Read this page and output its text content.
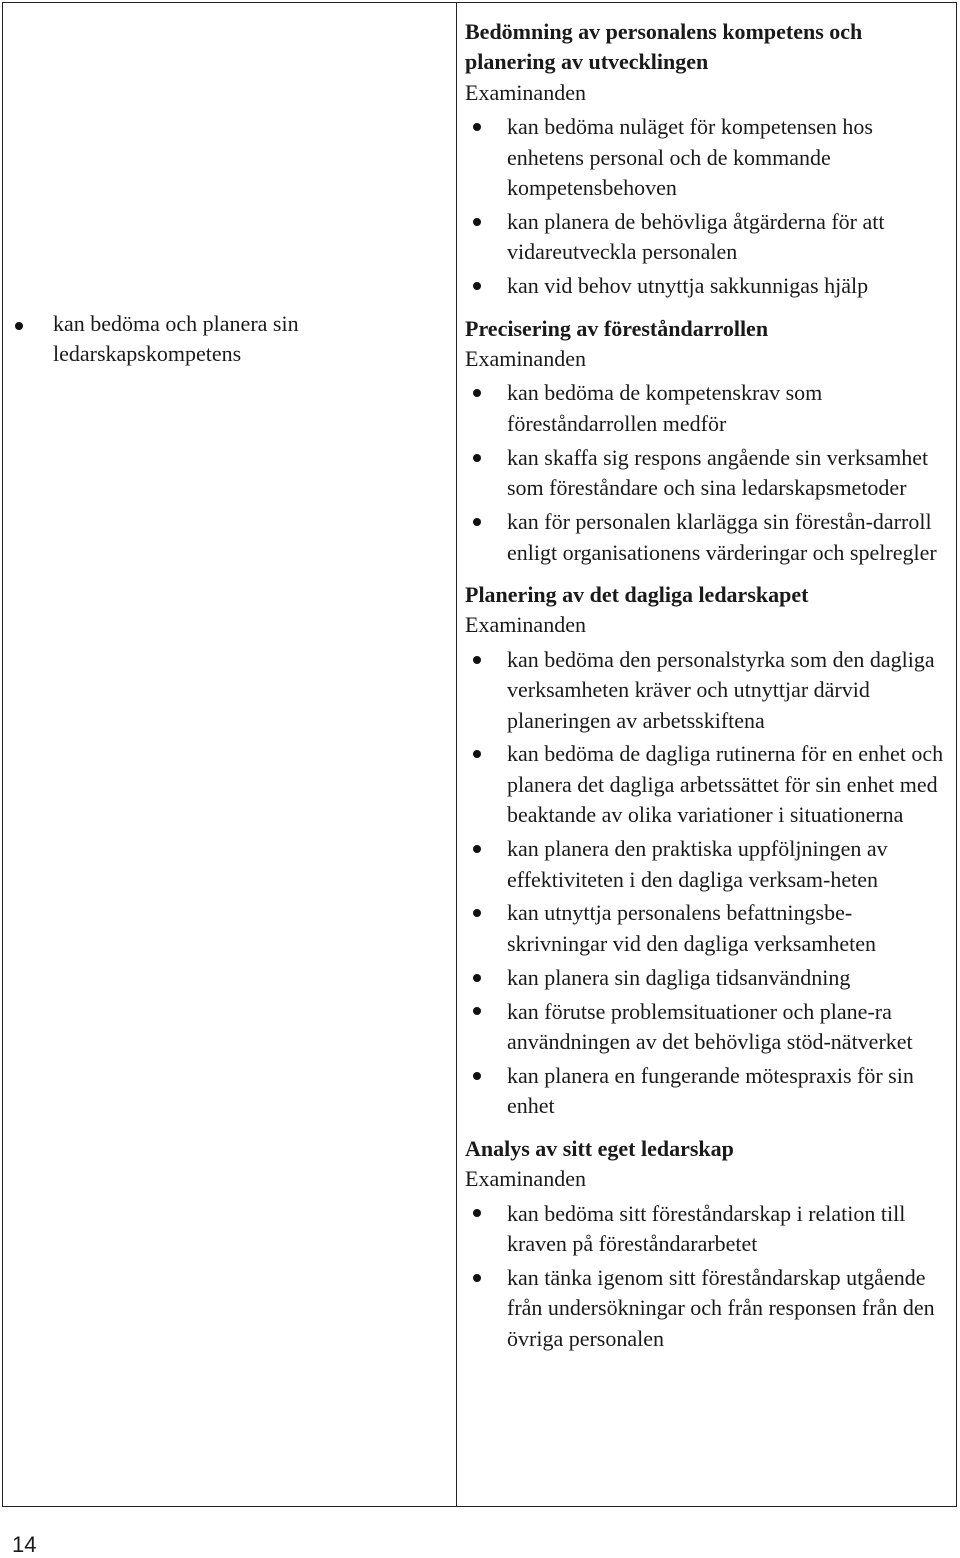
kan bedöma och planera sin ledarskapskompetens
Bedömning av personalens kompetens och planering av utvecklingen
Examinanden
kan bedöma nuläget för kompetensen hos enhetens personal och de kommande kompetensbehoven
kan planera de behövliga åtgärderna för att vidareutveckla personalen
kan vid behov utnyttja sakkunnigas hjälp
Precisering av föreståndarrollen
Examinanden
kan bedöma de kompetenskrav som föreståndarrollen medför
kan skaffa sig respons angående sin verksamhet som föreståndare och sina ledarskapsmetoder
kan för personalen klarlägga sin förestån-darroll enligt organisationens värderingar och spelregler
Planering av det dagliga ledarskapet
Examinanden
kan bedöma den personalstyrka som den dagliga verksamheten kräver och utnyttjar därvid planeringen av arbetsskiftena
kan bedöma de dagliga rutinerna för en enhet och planera det dagliga arbetssättet för sin enhet med beaktande av olika variationer i situationerna
kan planera den praktiska uppföljningen av effektiviteten i den dagliga verksam-heten
kan utnyttja personalens befattningsbe-skrivningar vid den dagliga verksamheten
kan planera sin dagliga tidsanvändning
kan förutse problemsituationer och plane-ra användningen av det behövliga stöd-nätverket
kan planera en fungerande mötespraxis för sin enhet
Analys av sitt eget ledarskap
Examinanden
kan bedöma sitt föreståndarskap i relation till kraven på föreståndararbetet
kan tänka igenom sitt föreståndarskap utgående från undersökningar och från responsen från den övriga personalen
14
